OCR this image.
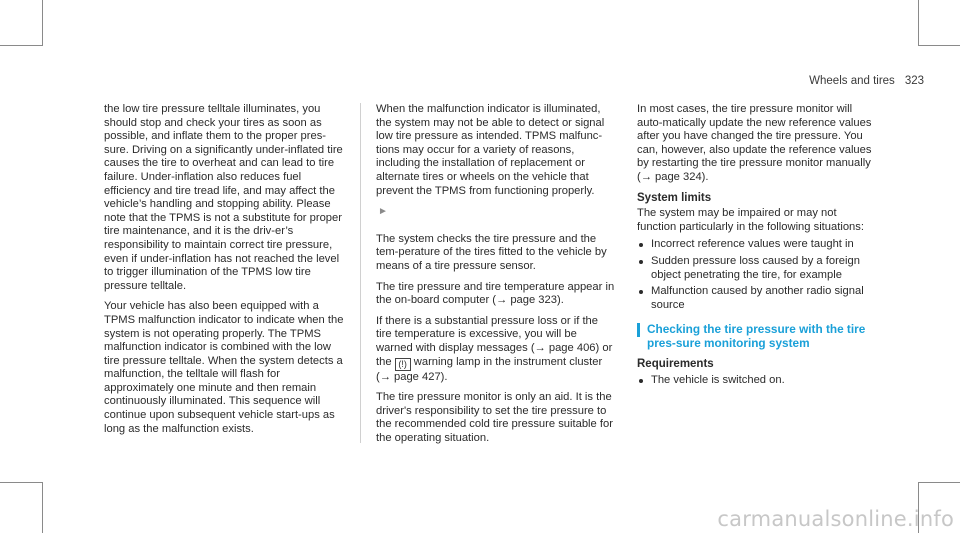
Wheels and tires 323

the low tire pressure telltale illuminates, you should stop and check your tires as soon as possible, and inflate them to the proper pres-sure. Driving on a significantly under-inflated tire causes the tire to overheat and can lead to tire failure. Under-inflation also reduces fuel efficiency and tire tread life, and may affect the vehicle’s handling and stopping ability. Please note that the TPMS is not a substitute for proper tire maintenance, and it is the driv-er’s responsibility to maintain correct tire pressure, even if under-inflation has not reached the level to trigger illumination of the TPMS low tire pressure telltale.

Your vehicle has also been equipped with a TPMS malfunction indicator to indicate when the system is not operating properly. The TPMS malfunction indicator is combined with the low tire pressure telltale. When the system detects a malfunction, the telltale will flash for approximately one minute and then remain continuously illuminated. This sequence will continue upon subsequent vehicle start-ups as long as the malfunction exists.

When the malfunction indicator is illuminated, the system may not be able to detect or signal low tire pressure as intended. TPMS malfunc-tions may occur for a variety of reasons, including the installation of replacement or alternate tires or wheels on the vehicle that prevent the TPMS from functioning properly.

►

The system checks the tire pressure and the tem-perature of the tires fitted to the vehicle by means of a tire pressure sensor.

The tire pressure and tire temperature appear in the on-board computer (→ page 323).

If there is a substantial pressure loss or if the tire temperature is excessive, you will be warned with display messages (→ page 406) or the (!) warning lamp in the instrument cluster (→ page 427).

The tire pressure monitor is only an aid. It is the driver's responsibility to set the tire pressure to the recommended cold tire pressure suitable for the operating situation.

In most cases, the tire pressure monitor will auto-matically update the new reference values after you have changed the tire pressure. You can, however, also update the reference values by restarting the tire pressure monitor manually (→ page 324).

System limits

The system may be impaired or may not function particularly in the following situations:

Incorrect reference values were taught in
Sudden pressure loss caused by a foreign object penetrating the tire, for example
Malfunction caused by another radio signal source
Checking the tire pressure with the tire pres-sure monitoring system
Requirements
The vehicle is switched on.
carmanualsonline.info
